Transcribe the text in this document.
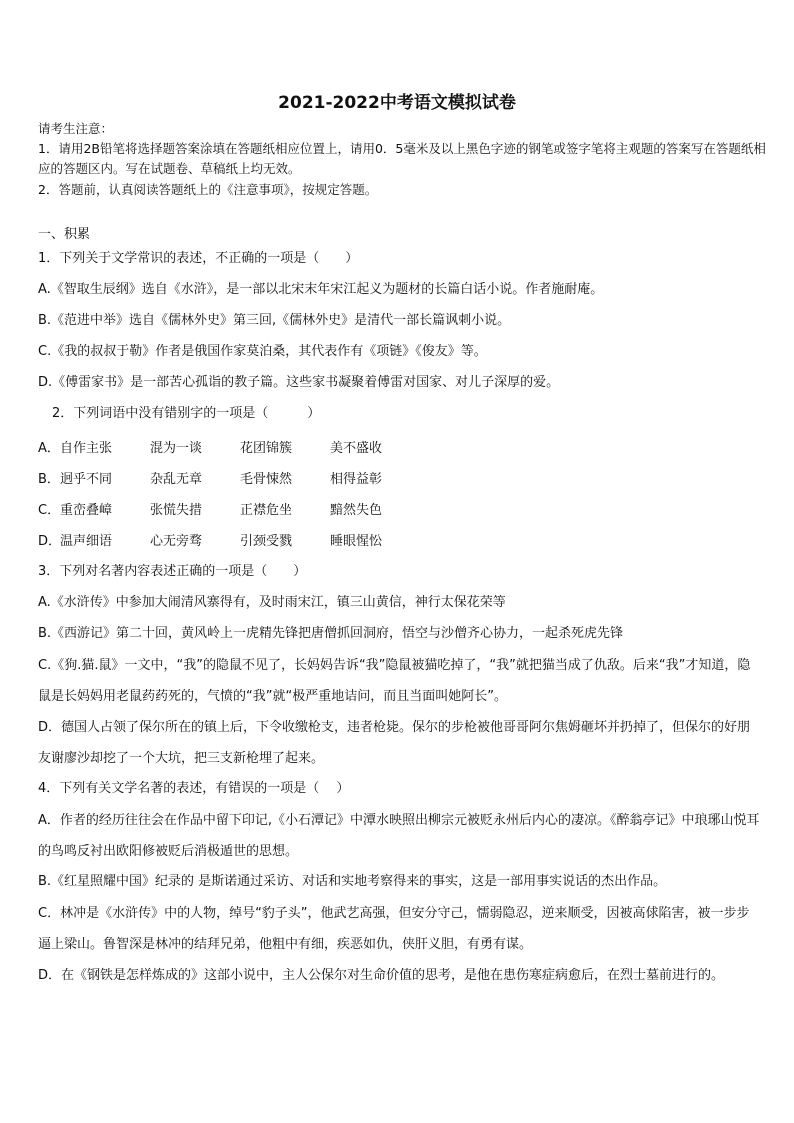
2021-2022中考语文模拟试卷
请考生注意：
1．请用2B铅笔将选择题答案涂填在答题纸相应位置上，请用0．5毫米及以上黑色字迹的钢笔或签字笔将主观题的答案写在答题纸相应的答题区内。写在试题卷、草稿纸上均无效。
2．答题前，认真阅读答题纸上的《注意事项》，按规定答题。
一、积累
1．下列关于文学常识的表述，不正确的一项是（　　）
A.《智取生辰纲》选自《水浒》，是一部以北宋末年宋江起义为题材的长篇白话小说。作者施耐庵。
B.《范进中举》选自《儒林外史》第三回,《儒林外史》是清代一部长篇讽刺小说。
C.《我的叔叔于勒》作者是俄国作家莫泊桑，其代表作有《项链》《俊友》等。
D.《傅雷家书》是一部苦心孤诣的教子篇。这些家书凝聚着傅雷对国家、对儿子深厚的爱。
2．下列词语中没有错别字的一项是（　　　）
A．自作主张	混为一谈	花团锦簇	美不盛收
B．迥乎不同	杂乱无章	毛骨悚然	相得益彰
C．重峦叠嶂	张慌失措	正襟危坐	黯然失色
D．温声细语	心无旁骛	引颈受戮	睡眼惺忪
3．下列对名著内容表述正确的一项是（　　）
A.《水浒传》中参加大闹清风寨得有，及时雨宋江，镇三山黄信，神行太保花荣等
B.《西游记》第二十回，黄风岭上一虎精先锋把唐僧抓回洞府，悟空与沙僧齐心协力，一起杀死虎先锋
C.《狗.猫.鼠》一文中，“我”的隐鼠不见了，长妈妈告诉“我”隐鼠被猫吃掉了，“我”就把猫当成了仇敌。后来“我”才知道，隐鼠是长妈妈用老鼠药药死的，气愤的“我”就“极严重地诘问，而且当面叫她阿长”。
D．德国人占领了保尔所在的镇上后，下令收缴枪支，违者枪毙。保尔的步枪被他哥哥阿尔焦姆砸坏并扔掉了，但保尔的好朋友谢廖沙却挖了一个大坑，把三支新枪埋了起来。
4．下列有关文学名著的表述，有错误的一项是（　 ）
A．作者的经历往往会在作品中留下印记,《小石潭记》中潭水映照出柳宗元被贬永州后内心的凄凉。《醉翁亭记》中琅琊山悦耳的鸟鸣反衬出欧阳修被贬后消极遁世的思想。
B.《红星照耀中国》纪录的 是斯诺通过采访、对话和实地考察得来的事实，这是一部用事实说话的杰出作品。
C．林冲是《水浒传》中的人物，绰号“豹子头”，他武艺高强，但安分守己，懦弱隐忍，逆来顺受，因被高俅陷害，被一步步逼上梁山。鲁智深是林冲的结拜兄弟，他粗中有细，疾恶如仇，侠肝义胆，有勇有谋。
D．在《钢铁是怎样炼成的》这部小说中，主人公保尔对生命价值的思考，是他在患伤寒症病愈后，在烈士墓前进行的。
